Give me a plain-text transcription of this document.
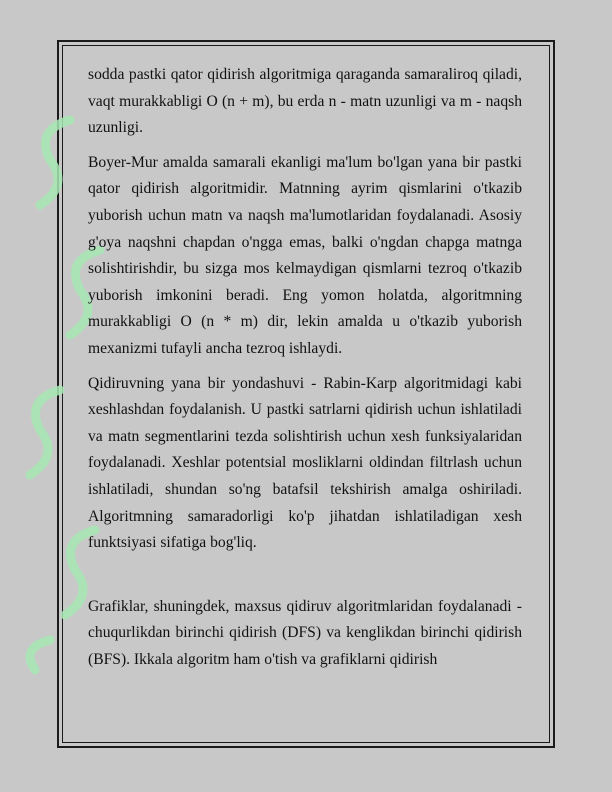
sodda pastki qator qidirish algoritmiga qaraganda samaraliroq qiladi, vaqt murakkabligi O (n + m), bu erda n - matn uzunligi va m - naqsh uzunligi.

Boyer-Mur amalda samarali ekanligi ma'lum bo'lgan yana bir pastki qator qidirish algoritmidir. Matnning ayrim qismlarini o'tkazib yuborish uchun matn va naqsh ma'lumotlaridan foydalanadi. Asosiy g'oya naqshni chapdan o'ngga emas, balki o'ngdan chapga matnga solishtirishdir, bu sizga mos kelmaydigan qismlarni tezroq o'tkazib yuborish imkonini beradi. Eng yomon holatda, algoritmning murakkabligi O (n * m) dir, lekin amalda u o'tkazib yuborish mexanizmi tufayli ancha tezroq ishlaydi.

Qidiruvning yana bir yondashuvi - Rabin-Karp algoritmidagi kabi xeshlashdan foydalanish. U pastki satrlarni qidirish uchun ishlatiladi va matn segmentlarini tezda solishtirish uchun xesh funksiyalaridan foydalanadi. Xeshlar potentsial mosliklarni oldindan filtrlash uchun ishlatiladi, shundan so'ng batafsil tekshirish amalga oshiriladi. Algoritmning samaradorligi ko'p jihatdan ishlatiladigan xesh funktsiyasi sifatiga bog'liq.

Grafiklar, shuningdek, maxsus qidiruv algoritmlaridan foydalanadi - chuqurlikdan birinchi qidirish (DFS) va kenglikdan birinchi qidirish (BFS). Ikkala algoritm ham o'tish va grafiklarni qidirish
